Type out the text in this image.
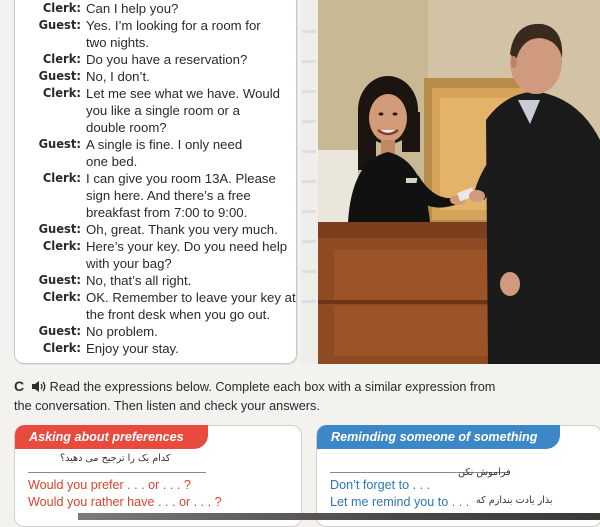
Clerk: Can I help you?
Guest: Yes. I’m looking for a room for
two nights.
Clerk: Do you have a reservation?
Guest: No, I don’t.
Clerk: Let me see what we have. Would
you like a single room or a
double room?
Guest: A single is fine. I only need
one bed.
Clerk: I can give you room 13A. Please
sign here. And there’s a free
breakfast from 7:00 to 9:00.
Guest: Oh, great. Thank you very much.
Clerk: Here’s your key. Do you need help
with your bag?
Guest: No, that’s all right.
Clerk: OK. Remember to leave your key at
the front desk when you go out.
Guest: No problem.
Clerk: Enjoy your stay.
C Read the expressions below. Complete each box with a similar expression from
the conversation. Then listen and check your answers.
Asking about preferences
کدام یک را ترجیح می دهید؟
Would you prefer . . . or . . . ?
Would you rather have . . . or . . . ?
Reminding someone of something
فراموش نکن
بذار یادت بندازم که
Don’t forget to . . .
Let me remind you to . . .
